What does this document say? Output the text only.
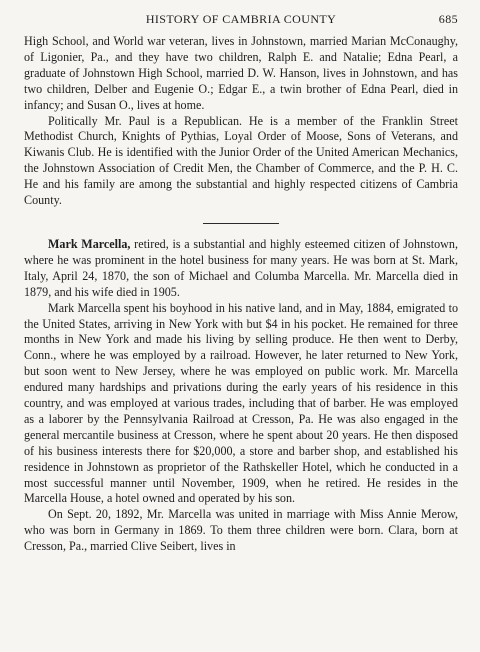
HISTORY OF CAMBRIA COUNTY	685

High School, and World war veteran, lives in Johnstown, married Marian McConaughy, of Ligonier, Pa., and they have two children, Ralph E. and Natalie; Edna Pearl, a graduate of Johnstown High School, married D. W. Hanson, lives in Johnstown, and has two children, Delber and Eugenie O.; Edgar E., a twin brother of Edna Pearl, died in infancy; and Susan O., lives at home.

Politically Mr. Paul is a Republican. He is a member of the Franklin Street Methodist Church, Knights of Pythias, Loyal Order of Moose, Sons of Veterans, and Kiwanis Club. He is identified with the Junior Order of the United American Mechanics, the Johnstown Association of Credit Men, the Chamber of Commerce, and the P. H. C. He and his family are among the substantial and highly respected citizens of Cambria County.

Mark Marcella, retired, is a substantial and highly esteemed citizen of Johnstown, where he was prominent in the hotel business for many years. He was born at St. Mark, Italy, April 24, 1870, the son of Michael and Columba Marcella. Mr. Marcella died in 1879, and his wife died in 1905.

Mark Marcella spent his boyhood in his native land, and in May, 1884, emigrated to the United States, arriving in New York with but $4 in his pocket. He remained for three months in New York and made his living by selling produce. He then went to Derby, Conn., where he was employed by a railroad. However, he later returned to New York, but soon went to New Jersey, where he was employed on public work. Mr. Marcella endured many hardships and privations during the early years of his residence in this country, and was employed at various trades, including that of barber. He was employed as a laborer by the Pennsylvania Railroad at Cresson, Pa. He was also engaged in the general mercantile business at Cresson, where he spent about 20 years. He then disposed of his business interests there for $20,000, a store and barber shop, and established his residence in Johnstown as proprietor of the Rathskeller Hotel, which he conducted in a most successful manner until November, 1909, when he retired. He resides in the Marcella House, a hotel owned and operated by his son.

On Sept. 20, 1892, Mr. Marcella was united in marriage with Miss Annie Merow, who was born in Germany in 1869. To them three children were born. Clara, born at Cresson, Pa., married Clive Seibert, lives in
